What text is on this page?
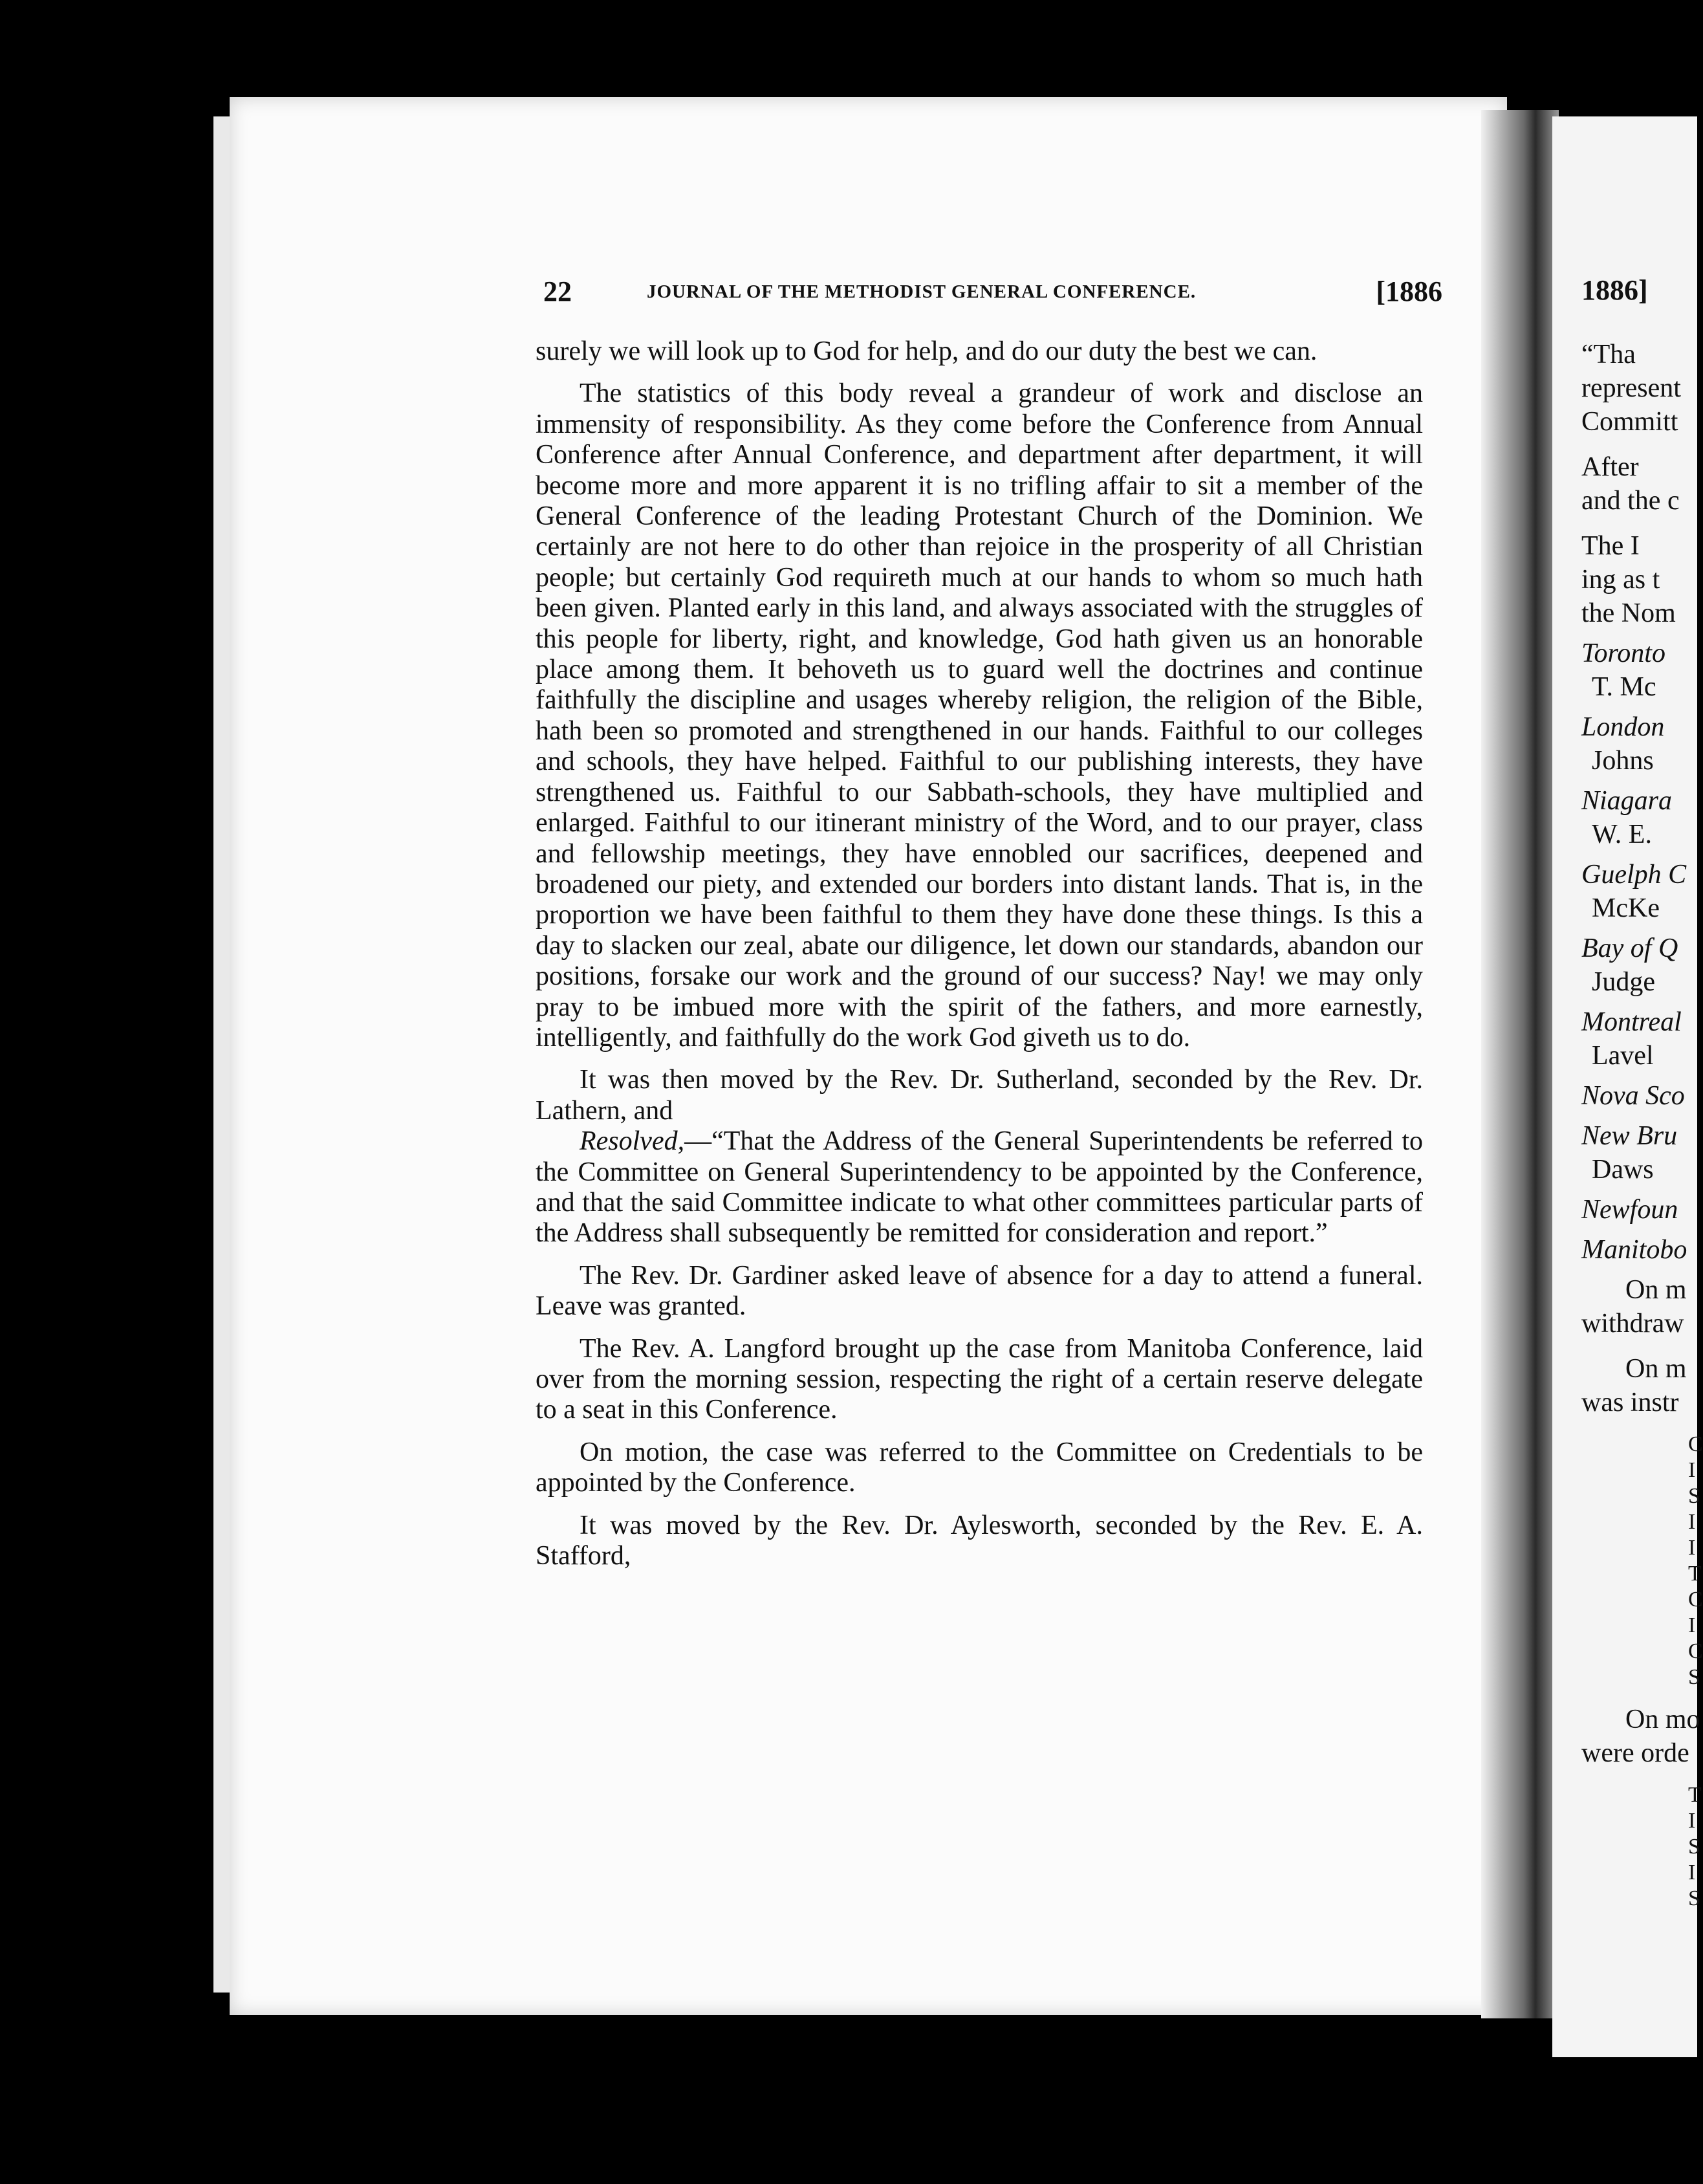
22	JOURNAL OF THE METHODIST GENERAL CONFERENCE.	[1886

surely we will look up to God for help, and do our duty the best we can.

The statistics of this body reveal a grandeur of work and disclose an immensity of responsibility. As they come before the Conference from Annual Conference after Annual Conference, and department after department, it will become more and more apparent it is no trifling affair to sit a member of the General Conference of the leading Protestant Church of the Dominion. We certainly are not here to do other than rejoice in the prosperity of all Christian people; but certainly God requireth much at our hands to whom so much hath been given. Planted early in this land, and always associated with the struggles of this people for liberty, right, and knowledge, God hath given us an honorable place among them. It behoveth us to guard well the doctrines and continue faithfully the discipline and usages whereby religion, the religion of the Bible, hath been so promoted and strengthened in our hands. Faithful to our colleges and schools, they have helped. Faithful to our publishing interests, they have strengthened us. Faithful to our Sabbath-schools, they have multiplied and enlarged. Faithful to our itinerant ministry of the Word, and to our prayer, class and fellowship meetings, they have ennobled our sacrifices, deepened and broadened our piety, and extended our borders into distant lands. That is, in the proportion we have been faithful to them they have done these things. Is this a day to slacken our zeal, abate our diligence, let down our standards, abandon our positions, forsake our work and the ground of our success? Nay! we may only pray to be imbued more with the spirit of the fathers, and more earnestly, intelligently, and faithfully do the work God giveth us to do.

It was then moved by the Rev. Dr. Sutherland, seconded by the Rev. Dr. Lathern, and

Resolved,—“That the Address of the General Superintendents be referred to the Committee on General Superintendency to be appointed by the Conference, and that the said Committee indicate to what other committees particular parts of the Address shall subsequently be remitted for consideration and report.”

The Rev. Dr. Gardiner asked leave of absence for a day to attend a funeral. Leave was granted.

The Rev. A. Langford brought up the case from Manitoba Conference, laid over from the morning session, respecting the right of a certain reserve delegate to a seat in this Conference.

On motion, the case was referred to the Committee on Credentials to be appointed by the Conference.

It was moved by the Rev. Dr. Aylesworth, seconded by the Rev. E. A. Stafford,

1886]
“Tha
represent
Committ
After
and the c
The I
ing as t
the Nom
Toronto
T. Mc
London
Johns
Niagara
W. E.
Guelph C
McKe
Bay of Q
Judge
Montreal
Lavel
Nova Sco
New Bru
Daws
Newfoun
Manitobo
On m
withdraw
On m
was instr
C
I
S
I
I
T
C
I
C
S
On mo
were orde
T
I
S
I
S
